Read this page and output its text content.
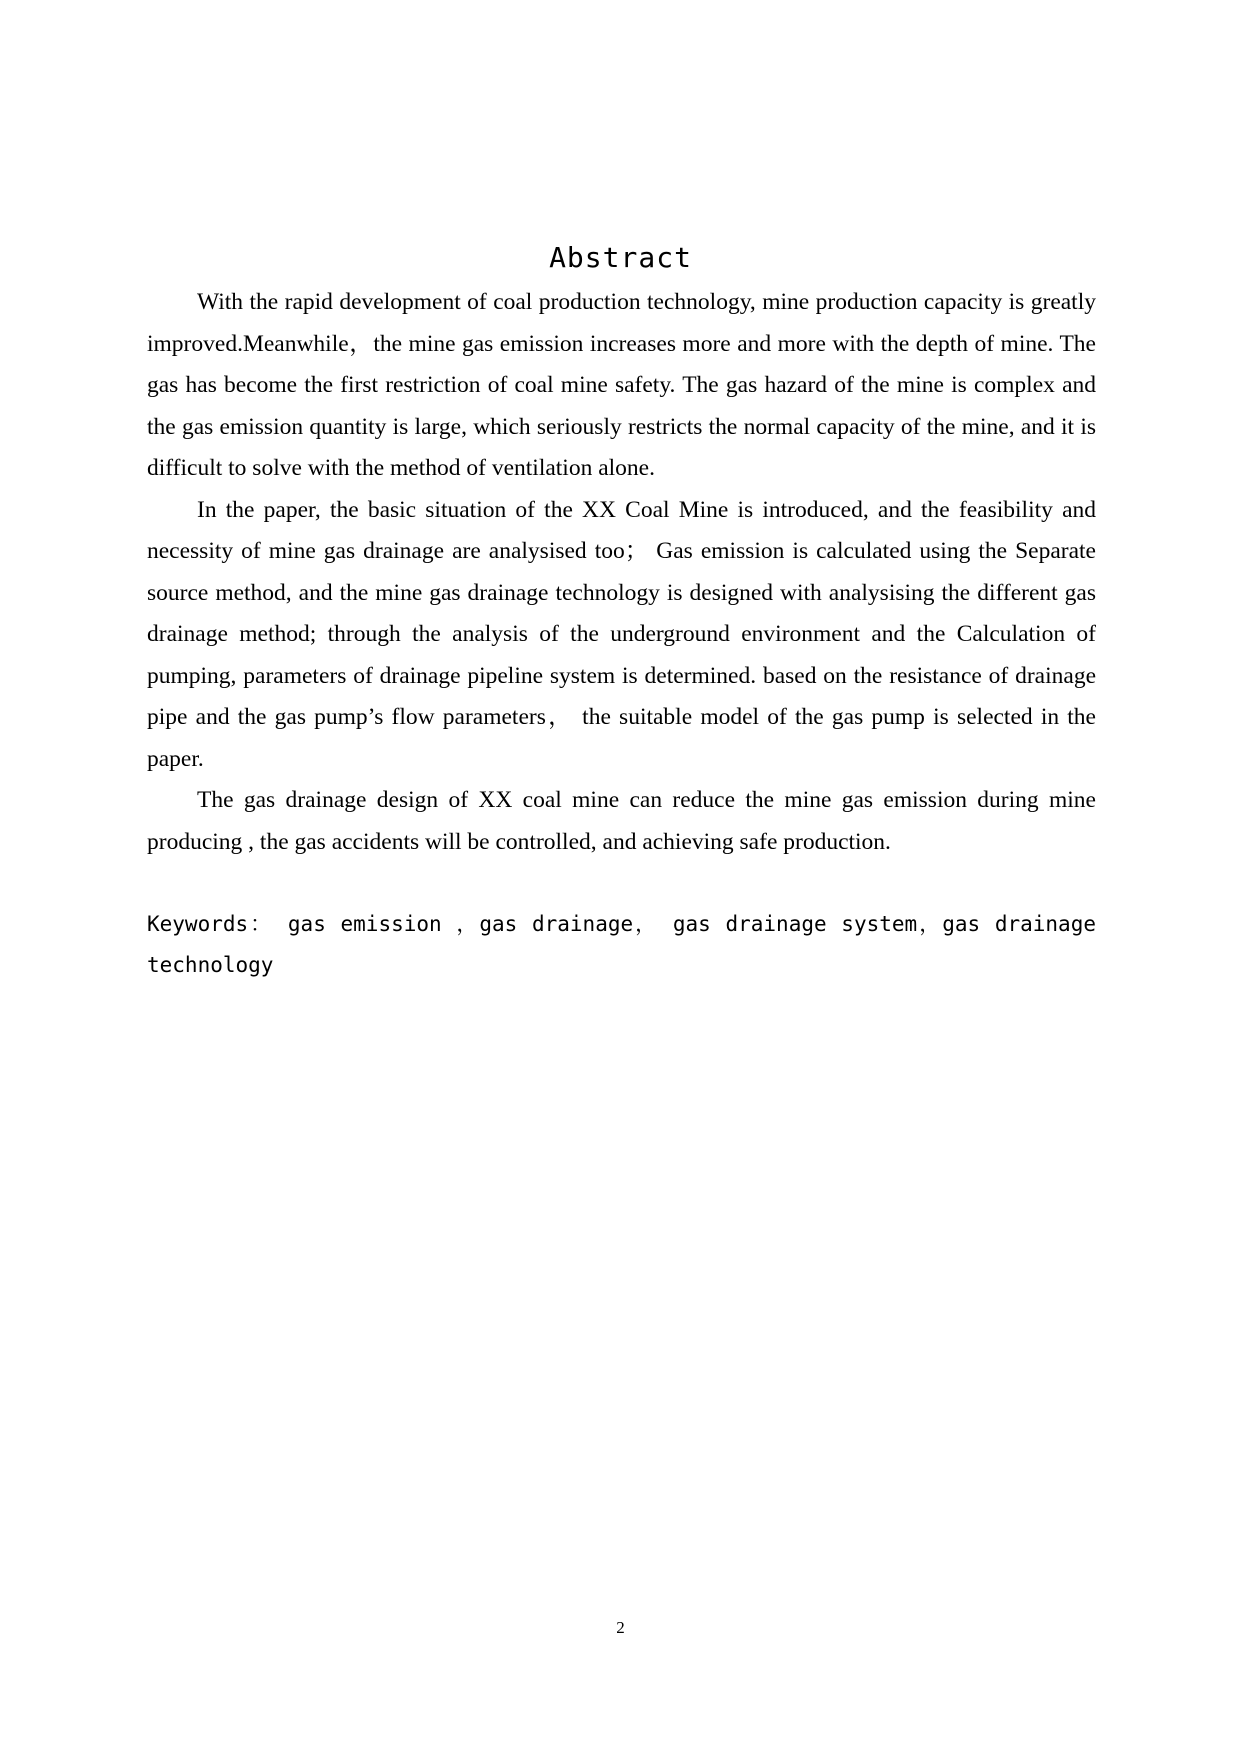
Abstract

With the rapid development of coal production technology, mine production capacity is greatly improved.Meanwhile，the mine gas emission increases more and more with the depth of mine. The gas has become the first restriction of coal mine safety. The gas hazard of the mine is complex and the gas emission quantity is large, which seriously restricts the normal capacity of the mine, and it is difficult to solve with the method of ventilation alone.

In the paper, the basic situation of the XX Coal Mine is introduced, and the feasibility and necessity of mine gas drainage are analysised too； Gas emission is calculated using the Separate source method, and the mine gas drainage technology is designed with analysising the different gas drainage method; through the analysis of the underground environment and the Calculation of pumping, parameters of drainage pipeline system is determined. based on the resistance of drainage pipe and the gas pump’s flow parameters， the suitable model of the gas pump is selected in the paper.

The gas drainage design of XX coal mine can reduce the mine gas emission during mine producing , the gas accidents will be controlled, and achieving safe production.

Keywords： gas emission ，gas drainage， gas drainage system，gas drainage technology
2
